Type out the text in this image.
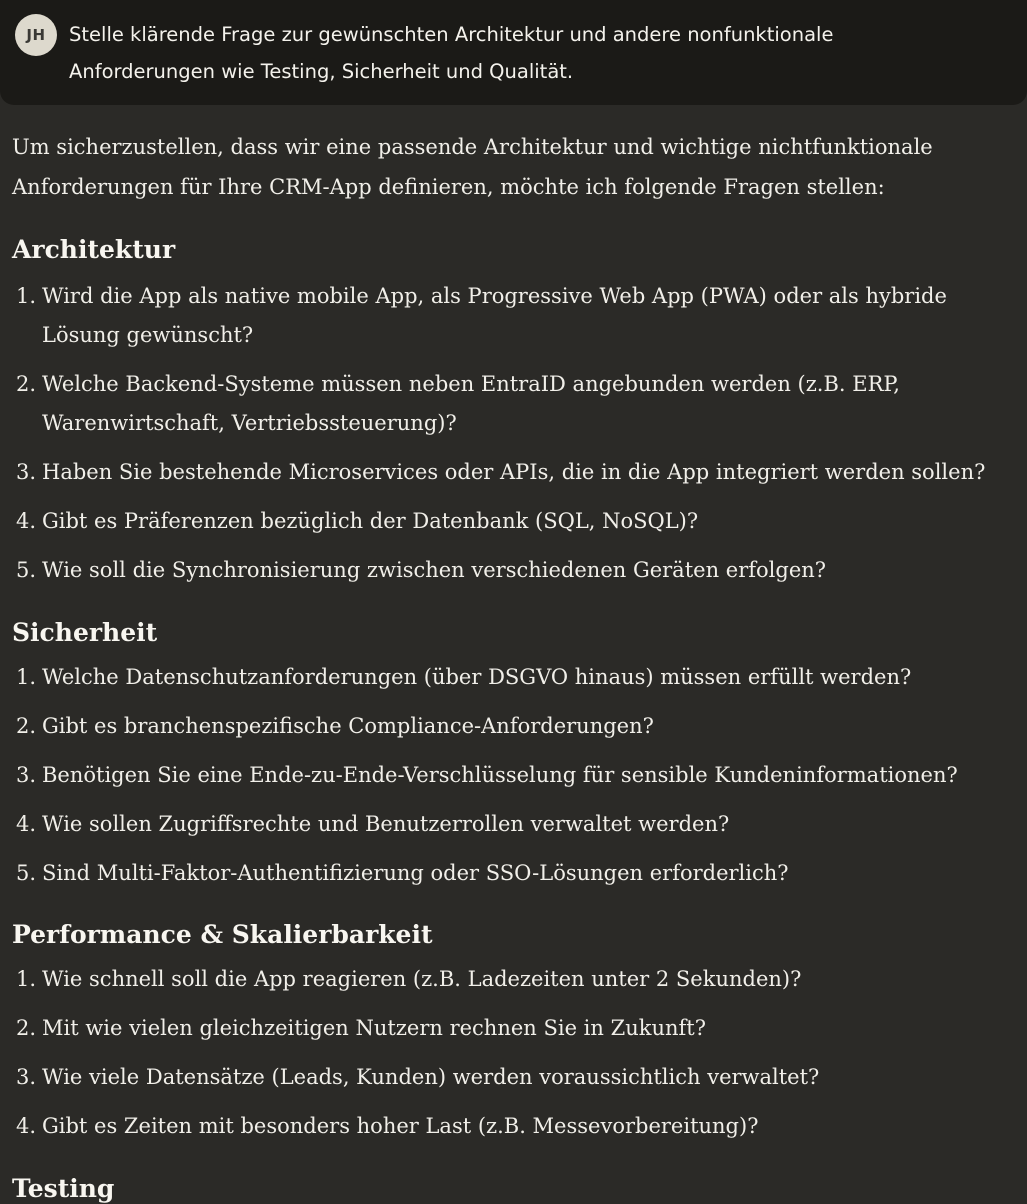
JH	Stelle klärende Frage zur gewünschten Architektur und andere nonfunktionale Anforderungen wie Testing, Sicherheit und Qualität.

Um sicherzustellen, dass wir eine passende Architektur und wichtige nichtfunktionale Anforderungen für Ihre CRM-App definieren, möchte ich folgende Fragen stellen:

Architektur
1. Wird die App als native mobile App, als Progressive Web App (PWA) oder als hybride Lösung gewünscht?
2. Welche Backend-Systeme müssen neben EntraID angebunden werden (z.B. ERP, Warenwirtschaft, Vertriebssteuerung)?
3. Haben Sie bestehende Microservices oder APIs, die in die App integriert werden sollen?
4. Gibt es Präferenzen bezüglich der Datenbank (SQL, NoSQL)?
5. Wie soll die Synchronisierung zwischen verschiedenen Geräten erfolgen?
Sicherheit
1. Welche Datenschutzanforderungen (über DSGVO hinaus) müssen erfüllt werden?
2. Gibt es branchenspezifische Compliance-Anforderungen?
3. Benötigen Sie eine Ende-zu-Ende-Verschlüsselung für sensible Kundeninformationen?
4. Wie sollen Zugriffsrechte und Benutzerrollen verwaltet werden?
5. Sind Multi-Faktor-Authentifizierung oder SSO-Lösungen erforderlich?
Performance & Skalierbarkeit
1. Wie schnell soll die App reagieren (z.B. Ladezeiten unter 2 Sekunden)?
2. Mit wie vielen gleichzeitigen Nutzern rechnen Sie in Zukunft?
3. Wie viele Datensätze (Leads, Kunden) werden voraussichtlich verwaltet?
4. Gibt es Zeiten mit besonders hoher Last (z.B. Messevorbereitung)?
Testing
